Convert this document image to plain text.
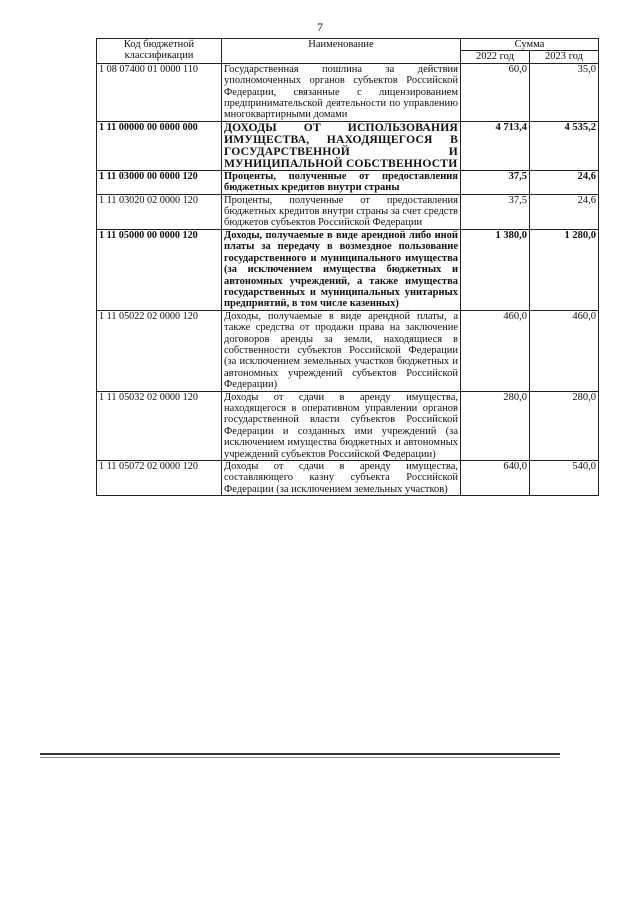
7
Код бюджетной классификации	Наименование	Сумма	
		2022 год	2023 год
1 08 07400 01 0000 110	Государственная пошлина за действия уполномоченных органов субъектов Российской Федерации, связанные с лицензированием предпринимательской деятельности по управлению многоквартирными домами	60,0	35,0
1 11 00000 00 0000 000	ДОХОДЫ ОТ ИСПОЛЬЗОВАНИЯ ИМУЩЕСТВА, НАХОДЯЩЕГОСЯ В ГОСУДАРСТВЕННОЙ И МУНИЦИПАЛЬНОЙ СОБСТВЕННОСТИ	4 713,4	4 535,2
1 11 03000 00 0000 120	Проценты, полученные от предоставления бюджетных кредитов внутри страны	37,5	24,6
1 11 03020 02 0000 120	Проценты, полученные от предоставления бюджетных кредитов внутри страны за счет средств бюджетов субъектов Российской Федерации	37,5	24,6
1 11 05000 00 0000 120	Доходы, получаемые в виде арендной либо иной платы за передачу в возмездное пользование государственного и муниципального имущества (за исключением имущества бюджетных и автономных учреждений, а также имущества государственных и муниципальных унитарных предприятий, в том числе казенных)	1 380,0	1 280,0
1 11 05022 02 0000 120	Доходы, получаемые в виде арендной платы, а также средства от продажи права на заключение договоров аренды за земли, находящиеся в собственности субъектов Российской Федерации (за исключением земельных участков бюджетных и автономных учреждений субъектов Российской Федерации)	460,0	460,0
1 11 05032 02 0000 120	Доходы от сдачи в аренду имущества, находящегося в оперативном управлении органов государственной власти субъектов Российской Федерации и созданных ими учреждений (за исключением имущества бюджетных и автономных учреждений субъектов Российской Федерации)	280,0	280,0
1 11 05072 02 0000 120	Доходы от сдачи в аренду имущества, составляющего казну субъекта Российской Федерации (за исключением земельных участков)	640,0	540,0
